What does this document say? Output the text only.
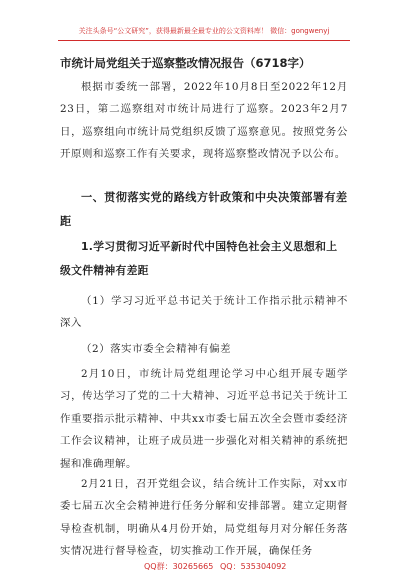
关注头条号“公文研究”，获得最新最全最专业的公文资料库！ 微信：gongwenyj
市统计局党组关于巡察整改情况报告（6718字）
根据市委统一部署，2022年10月8日至2022年12月23日，第二巡察组对市统计局进行了巡察。2023年2月7日，巡察组向市统计局党组织反馈了巡察意见。按照党务公开原则和巡察工作有关要求，现将巡察整改情况予以公布。
一、贯彻落实党的路线方针政策和中央决策部署有差距
1.学习贯彻习近平新时代中国特色社会主义思想和上级文件精神有差距
（1）学习习近平总书记关于统计工作指示批示精神不深入
（2）落实市委全会精神有偏差
2月10日，市统计局党组理论学习中心组开展专题学习，传达学习了党的二十大精神、习近平总书记关于统计工作重要指示批示精神、中共xx市委七届五次全会暨市委经济工作会议精神，让班子成员进一步强化对相关精神的系统把握和准确理解。
2月21日，召开党组会议，结合统计工作实际，对xx市委七届五次全会精神进行任务分解和安排部署。建立定期督导检查机制，明确从4月份开始，局党组每月对分解任务落实情况进行督导检查，切实推动工作开展，确保任务
QQ群：30265665 QQ：535304092
